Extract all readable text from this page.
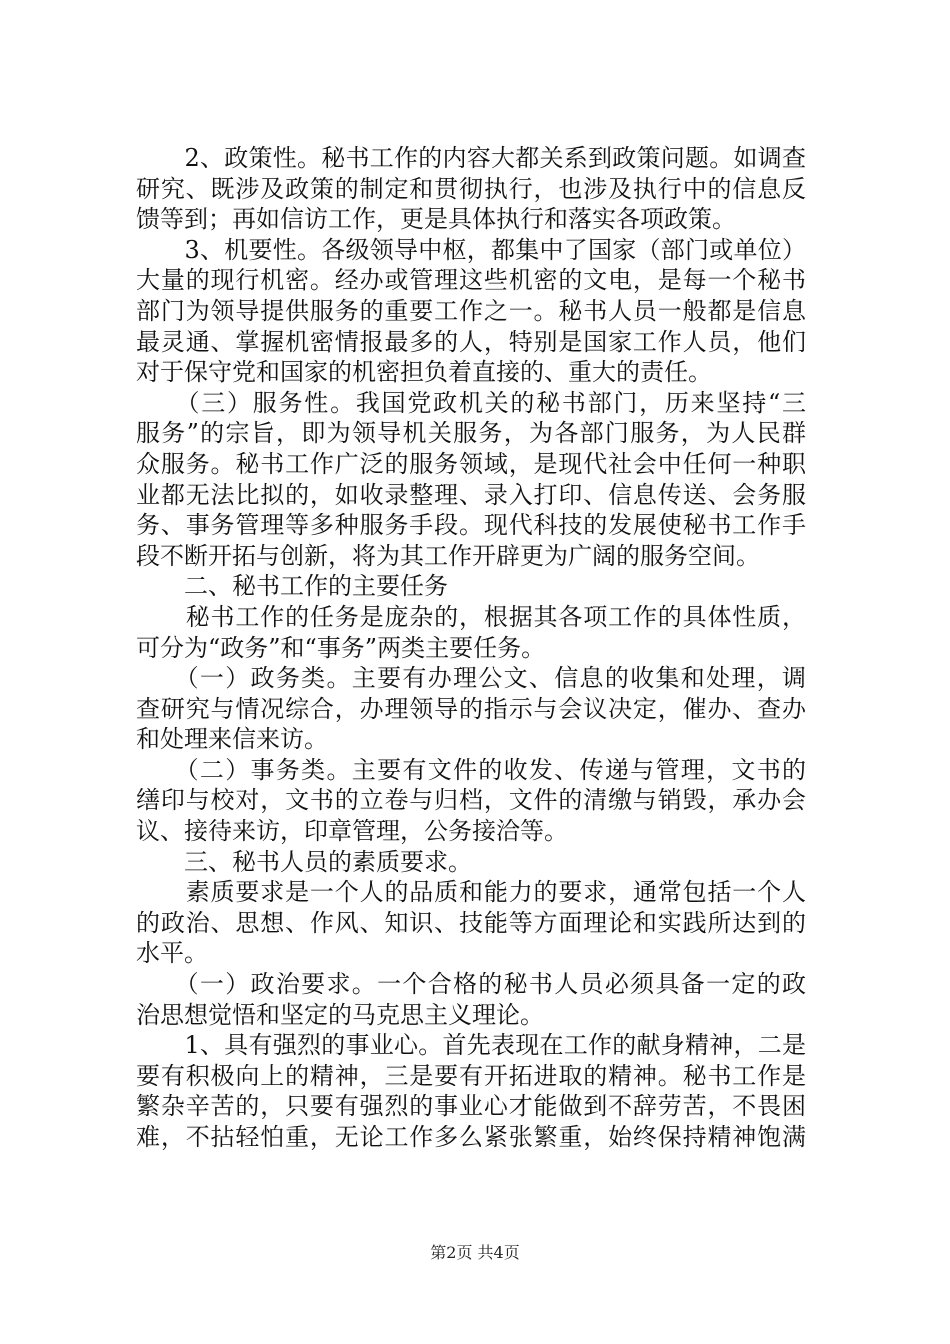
　　2、政策性。秘书工作的内容大都关系到政策问题。如调查
研究、既涉及政策的制定和贯彻执行，也涉及执行中的信息反
馈等到；再如信访工作，更是具体执行和落实各项政策。
　　3、机要性。各级领导中枢，都集中了国家（部门或单位）
大量的现行机密。经办或管理这些机密的文电，是每一个秘书
部门为领导提供服务的重要工作之一。秘书人员一般都是信息
最灵通、掌握机密情报最多的人，特别是国家工作人员，他们
对于保守党和国家的机密担负着直接的、重大的责任。
　　（三）服务性。我国党政机关的秘书部门，历来坚持“三
服务”的宗旨，即为领导机关服务，为各部门服务，为人民群
众服务。秘书工作广泛的服务领域，是现代社会中任何一种职
业都无法比拟的，如收录整理、录入打印、信息传送、会务服
务、事务管理等多种服务手段。现代科技的发展使秘书工作手
段不断开拓与创新，将为其工作开辟更为广阔的服务空间。
　　二、秘书工作的主要任务
　　秘书工作的任务是庞杂的，根据其各项工作的具体性质，
可分为“政务”和“事务”两类主要任务。
　　（一）政务类。主要有办理公文、信息的收集和处理，调
查研究与情况综合，办理领导的指示与会议决定，催办、查办
和处理来信来访。
　　（二）事务类。主要有文件的收发、传递与管理，文书的
缮印与校对，文书的立卷与归档，文件的清缴与销毁，承办会
议、接待来访，印章管理，公务接洽等。
　　三、秘书人员的素质要求。
　　素质要求是一个人的品质和能力的要求，通常包括一个人
的政治、思想、作风、知识、技能等方面理论和实践所达到的
水平。
　　（一）政治要求。一个合格的秘书人员必须具备一定的政
治思想觉悟和坚定的马克思主义理论。
　　1、具有强烈的事业心。首先表现在工作的献身精神，二是
要有积极向上的精神，三是要有开拓进取的精神。秘书工作是
繁杂辛苦的，只要有强烈的事业心才能做到不辞劳苦，不畏困
难，不拈轻怕重，无论工作多么紧张繁重，始终保持精神饱满
第2页 共4页
